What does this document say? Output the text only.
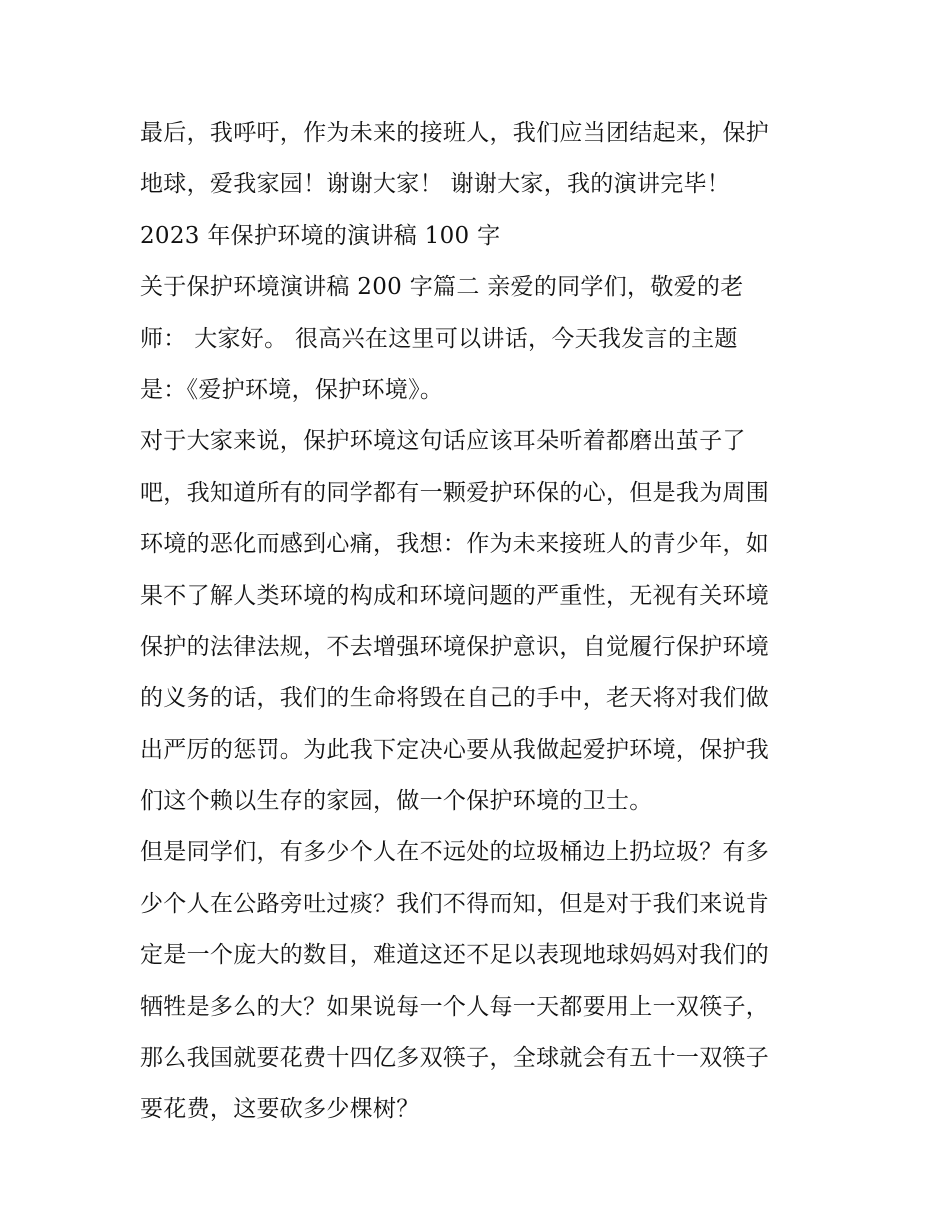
最后，我呼吁，作为未来的接班人，我们应当团结起来，保护
地球，爱我家园！谢谢大家！ 谢谢大家，我的演讲完毕！
2023 年保护环境的演讲稿 100 字
关于保护环境演讲稿 200 字篇二 亲爱的同学们，敬爱的老
师： 大家好。 很高兴在这里可以讲话，今天我发言的主题
是：《爱护环境，保护环境》。
对于大家来说，保护环境这句话应该耳朵听着都磨出茧子了
吧，我知道所有的同学都有一颗爱护环保的心，但是我为周围
环境的恶化而感到心痛，我想：作为未来接班人的青少年，如
果不了解人类环境的构成和环境问题的严重性，无视有关环境
保护的法律法规，不去增强环境保护意识，自觉履行保护环境
的义务的话，我们的生命将毁在自己的手中，老天将对我们做
出严厉的惩罚。为此我下定决心要从我做起爱护环境，保护我
们这个赖以生存的家园，做一个保护环境的卫士。
但是同学们，有多少个人在不远处的垃圾桶边上扔垃圾？有多
少个人在公路旁吐过痰？我们不得而知，但是对于我们来说肯
定是一个庞大的数目，难道这还不足以表现地球妈妈对我们的
牺牲是多么的大？如果说每一个人每一天都要用上一双筷子，
那么我国就要花费十四亿多双筷子，全球就会有五十一双筷子
要花费，这要砍多少棵树？
